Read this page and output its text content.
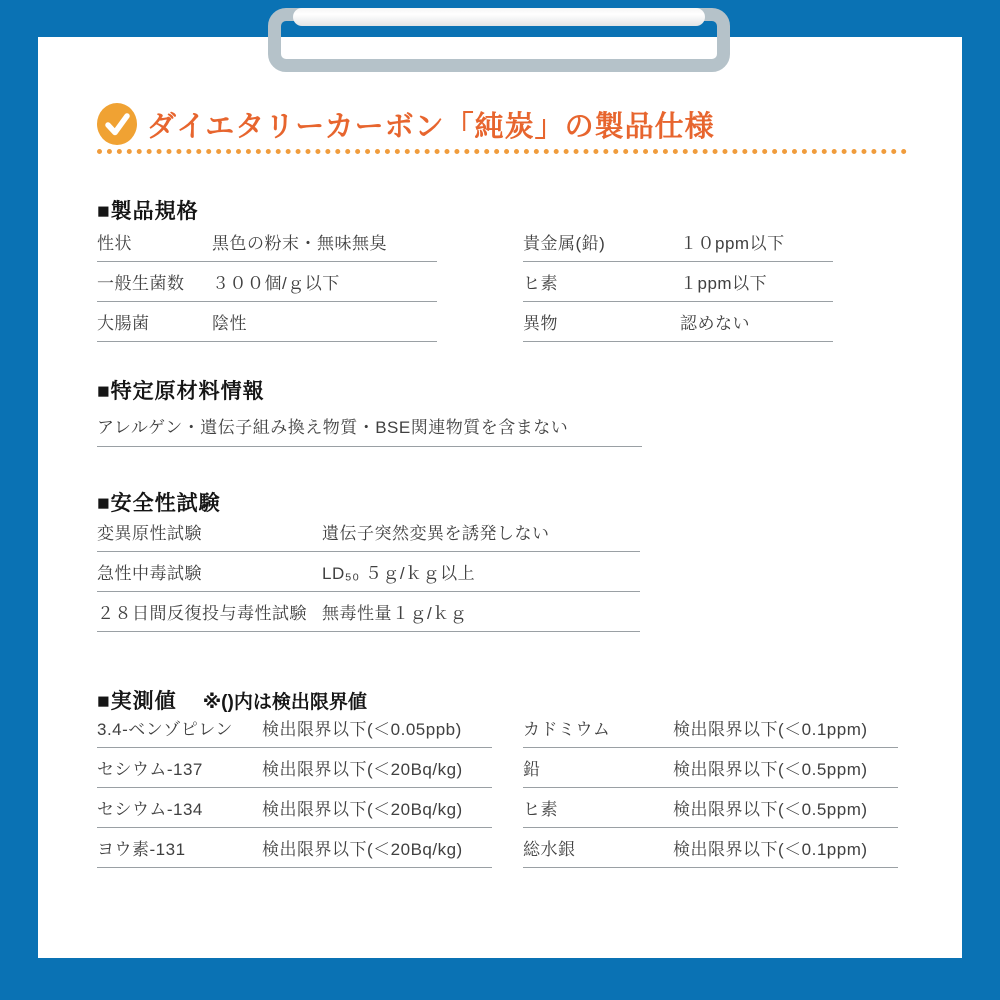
ダイエタリーカーボン「純炭」の製品仕様
■製品規格
性状	黒色の粉末・無味無臭
一般生菌数	３００個/ｇ以下
大腸菌	陰性
貴金属(鉛)	１０ppm以下
ヒ素	１ppm以下
異物	認めない
■特定原材料情報
アレルゲン・遺伝子組み換え物質・BSE関連物質を含まない
■安全性試験
変異原性試験	遺伝子突然変異を誘発しない
急性中毒試験	LD₅₀ ５ｇ/ｋｇ以上
２８日間反復投与毒性試験 無毒性量１ｇ/ｋｇ
■実測値 ※()内は検出限界値
3.4-ベンゾピレン	検出限界以下(＜0.05ppb)
セシウム-137	検出限界以下(＜20Bq/kg)
セシウム-134	検出限界以下(＜20Bq/kg)
ヨウ素-131	検出限界以下(＜20Bq/kg)
カドミウム	検出限界以下(＜0.1ppm)
鉛	検出限界以下(＜0.5ppm)
ヒ素	検出限界以下(＜0.5ppm)
総水銀	検出限界以下(＜0.1ppm)
